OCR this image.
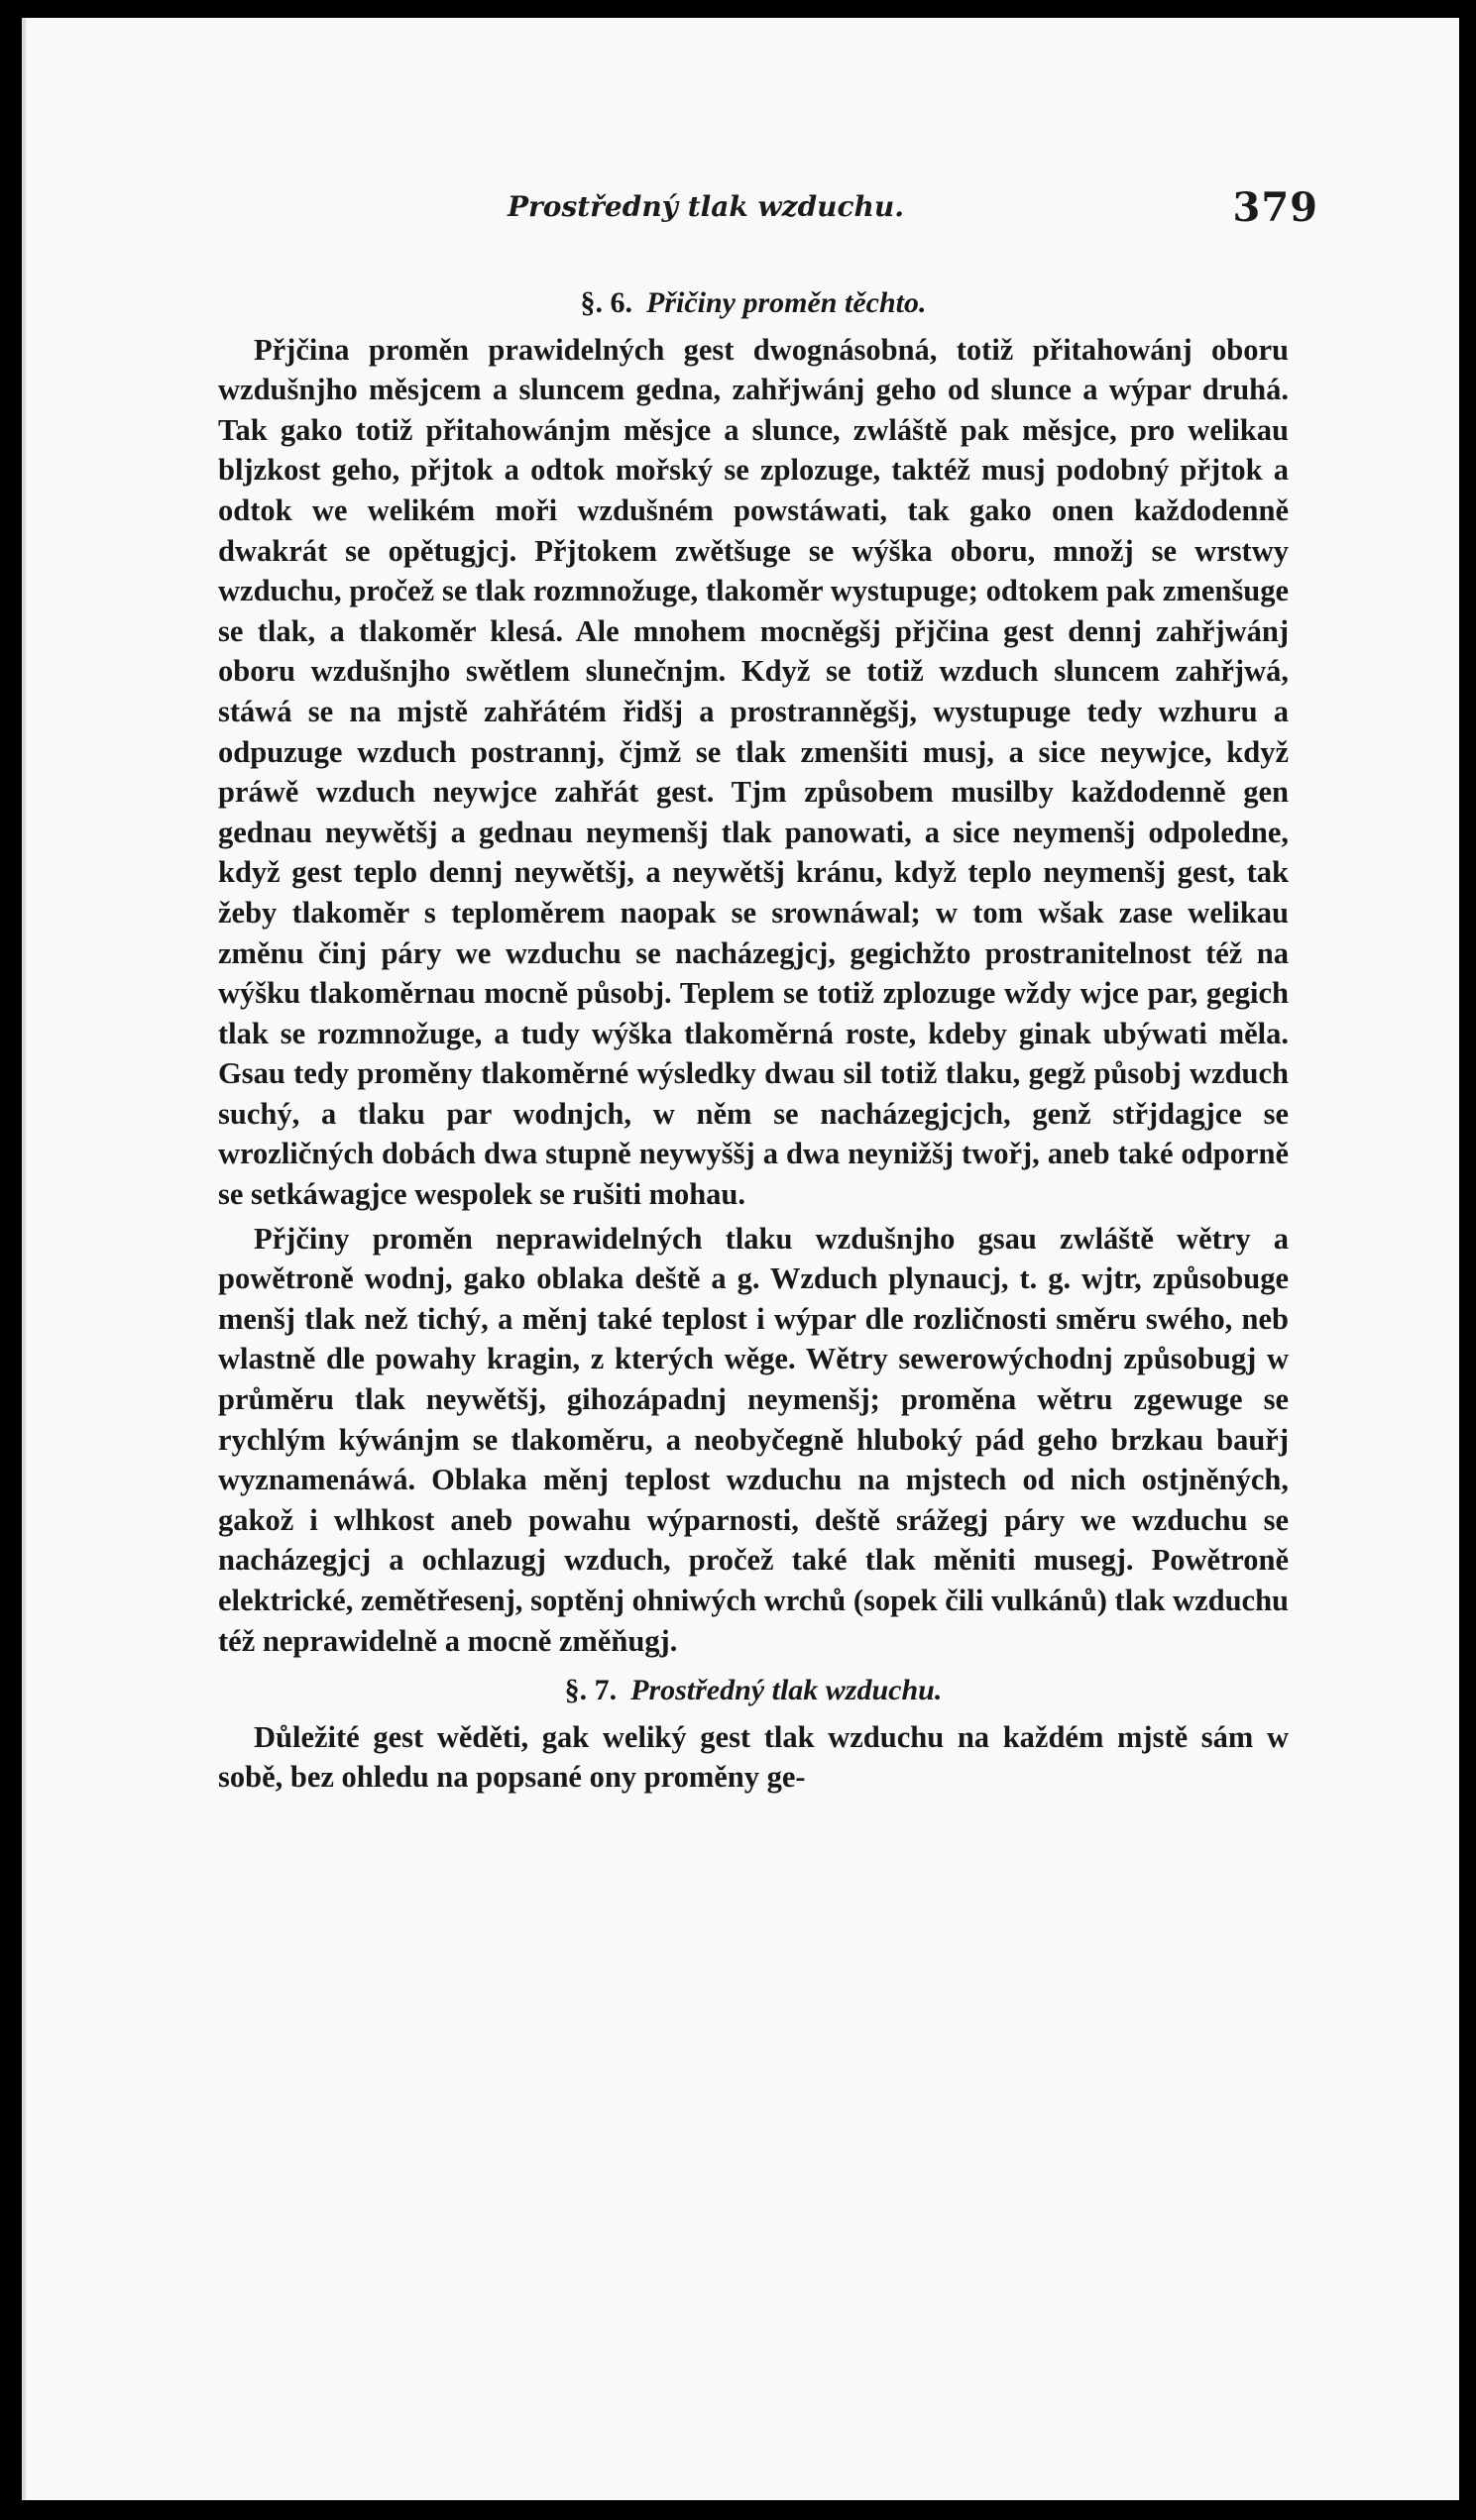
Prostředný tlak wzduchu.	379
§. 6. Přičiny proměn těchto.

Přjčina proměn prawidelných gest dwognásobná, totiž přitahowánj oboru wzdušnjho měsjcem a sluncem gedna, zahřjwánj geho od slunce a wýpar druhá. Tak gako totiž přitahowánjm měsjce a slunce, zwláště pak měsjce, pro welikau bljzkost geho, přjtok a odtok mořský se zplozuge, taktéž musj podobný přjtok a odtok we welikém moři wzdušném powstáwati, tak gako onen každodenně dwakrát se opětugjcj. Přjtokem zwětšuge se wýška oboru, množj se wrstwy wzduchu, pročež se tlak rozmnožuge, tlakoměr wystupuge; odtokem pak zmenšuge se tlak, a tlakoměr klesá. Ale mnohem mocněgšj přjčina gest dennj zahřjwánj oboru wzdušnjho swětlem slunečnjm. Když se totiž wzduch sluncem zahřjwá, stáwá se na mjstě zahřátém řidšj a prostranněgšj, wystupuge tedy wzhuru a odpuzuge wzduch postrannj, čjmž se tlak zmenšiti musj, a sice neywjce, když práwě wzduch neywjce zahřát gest. Tjm způsobem musilby každodenně gen gednau neywětšj a gednau neymenšj tlak panowati, a sice neymenšj odpoledne, když gest teplo dennj neywětšj, a neywětšj kránu, když teplo neymenšj gest, tak žeby tlakoměr s teploměrem naopak se srownáwal; w tom wšak zase welikau změnu činj páry we wzduchu se nacházegjcj, gegichžto prostranitelnost též na wýšku tlakoměrnau mocně působj. Teplem se totiž zplozuge wždy wjce par, gegich tlak se rozmnožuge, a tudy wýška tlakoměrná roste, kdeby ginak ubýwati měla. Gsau tedy proměny tlakoměrné wýsledky dwau sil totiž tlaku, gegž působj wzduch suchý, a tlaku par wodnjch, w něm se nacházegjcjch, genž střjdagjce se wrozličných dobách dwa stupně neywyššj a dwa neynižšj twořj, aneb také odporně se setkáwagjce wespolek se rušiti mohau.

Přjčiny proměn neprawidelných tlaku wzdušnjho gsau zwláště wětry a powětroně wodnj, gako oblaka deště a g. Wzduch plynaucj, t. g. wjtr, způsobuge menšj tlak než tichý, a měnj také teplost i wýpar dle rozličnosti směru swého, neb wlastně dle powahy kragin, z kterých wěge. Wětry sewerowýchodnj způsobugj w průměru tlak neywětšj, gihozápadnj neymenšj; proměna wětru zgewuge se rychlým kýwánjm se tlakoměru, a neobyčegně hluboký pád geho brzkau bauřj wyznamenáwá. Oblaka měnj teplost wzduchu na mjstech od nich ostjněných, gakož i wlhkost aneb powahu wýparnosti, deště srážegj páry we wzduchu se nacházegjcj a ochlazugj wzduch, pročež také tlak měniti musegj. Powětroně elektrické, zemětřesenj, soptěnj ohniwých wrchů (sopek čili vulkánů) tlak wzduchu též neprawidelně a mocně změňugj.

§. 7. Prostředný tlak wzduchu.

Důležité gest wěděti, gak weliký gest tlak wzduchu na každém mjstě sám w sobě, bez ohledu na popsané ony proměny ge-
